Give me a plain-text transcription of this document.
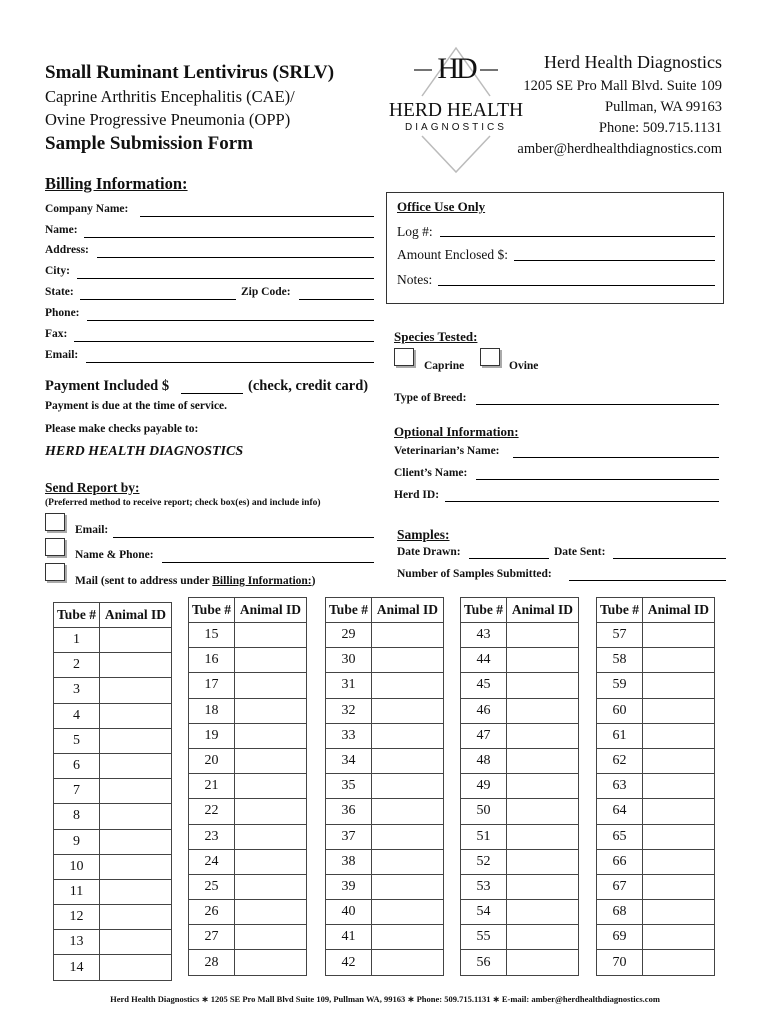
Small Ruminant Lentivirus (SRLV)
Caprine Arthritis Encephalitis (CAE)/
Ovine Progressive Pneumonia (OPP)
Sample Submission Form
HD
HERD HEALTH
DIAGNOSTICS
Herd Health Diagnostics
1205 SE Pro Mall Blvd. Suite 109
Pullman, WA 99163
Phone: 509.715.1131
amber@herdhealthdiagnostics.com
Billing Information:
Company Name:
Name:
Address:
City:
State:	Zip Code:
Phone:
Fax:
Email:
Payment Included $	(check, credit card)
Payment is due at the time of service.
Please make checks payable to:
HERD HEALTH DIAGNOSTICS
Send Report by:
(Preferred method to receive report; check box(es) and include info)
Email:
Name & Phone:
Mail (sent to address under Billing Information:)
Office Use Only
Log #:
Amount Enclosed $:
Notes:
Species Tested:
Caprine	Ovine
Type of Breed:
Optional Information:
Veterinarian’s Name:
Client’s Name:
Herd ID:
Samples:
Date Drawn:	Date Sent:
Number of Samples Submitted:
Tube #	Animal ID
1	
2	
3	
4	
5	
6	
7	
8	
9	
10	
11	
12	
13	
14	
Tube #	Animal ID
15	
16	
17	
18	
19	
20	
21	
22	
23	
24	
25	
26	
27	
28	
Tube #	Animal ID
29	
30	
31	
32	
33	
34	
35	
36	
37	
38	
39	
40	
41	
42	
Tube #	Animal ID
43	
44	
45	
46	
47	
48	
49	
50	
51	
52	
53	
54	
55	
56	
Tube #	Animal ID
57	
58	
59	
60	
61	
62	
63	
64	
65	
66	
67	
68	
69	
70	
Herd Health Diagnostics ∗ 1205 SE Pro Mall Blvd Suite 109, Pullman WA, 99163 ∗ Phone: 509.715.1131 ∗ E-mail: amber@herdhealthdiagnostics.com
